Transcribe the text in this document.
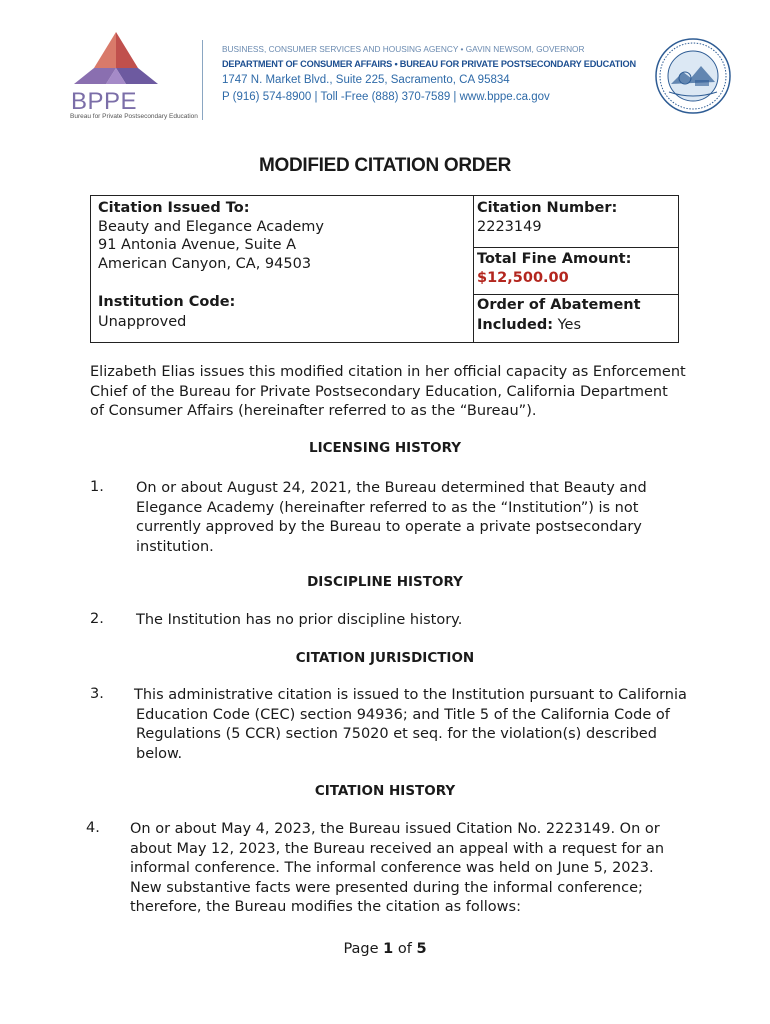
BPPE
Bureau for Private Postsecondary Education
BUSINESS, CONSUMER SERVICES AND HOUSING AGENCY • GAVIN NEWSOM, GOVERNOR
DEPARTMENT OF CONSUMER AFFAIRS • BUREAU FOR PRIVATE POSTSECONDARY EDUCATION
1747 N. Market Blvd., Suite 225, Sacramento, CA 95834
P (916) 574-8900 | Toll -Free (888) 370-7589 | www.bppe.ca.gov
MODIFIED CITATION ORDER
Citation Issued To:
Beauty and Elegance Academy
91 Antonia Avenue, Suite A
American Canyon, CA, 94503
Institution Code:
Unapproved
Citation Number:
2223149
Total Fine Amount:
$12,500.00
Order of Abatement
Included: Yes
Elizabeth Elias issues this modified citation in her official capacity as Enforcement
Chief of the Bureau for Private Postsecondary Education, California Department
of Consumer Affairs (hereinafter referred to as the “Bureau”).
LICENSING HISTORY
1. On or about August 24, 2021, the Bureau determined that Beauty and
Elegance Academy (hereinafter referred to as the “Institution”) is not
currently approved by the Bureau to operate a private postsecondary
institution.
DISCIPLINE HISTORY
2. The Institution has no prior discipline history.
CITATION JURISDICTION
3. This administrative citation is issued to the Institution pursuant to California
Education Code (CEC) section 94936; and Title 5 of the California Code of
Regulations (5 CCR) section 75020 et seq. for the violation(s) described
below.
CITATION HISTORY
4. On or about May 4, 2023, the Bureau issued Citation No. 2223149. On or
about May 12, 2023, the Bureau received an appeal with a request for an
informal conference. The informal conference was held on June 5, 2023.
New substantive facts were presented during the informal conference;
therefore, the Bureau modifies the citation as follows:
Page 1 of 5
